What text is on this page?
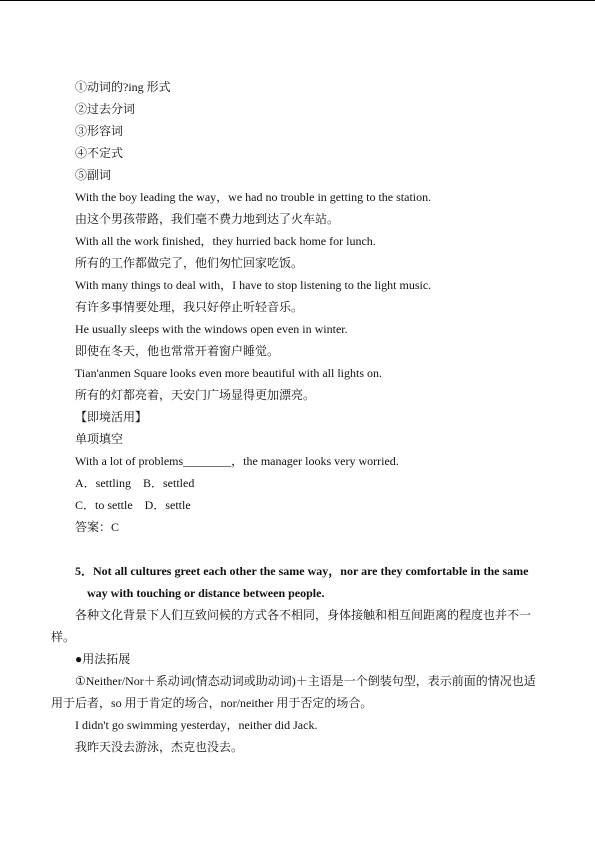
①动词的?ing 形式
②过去分词
③形容词
④不定式
⑤副词
With the boy leading the way，we had no trouble in getting to the station.
由这个男孩带路，我们毫不费力地到达了火车站。
With all the work finished，they hurried back home for lunch.
所有的工作都做完了，他们匆忙回家吃饭。
With many things to deal with，I have to stop listening to the light music.
有许多事情要处理，我只好停止听轻音乐。
He usually sleeps with the windows open even in winter.
即使在冬天，他也常常开着窗户睡觉。
Tian'anmen Square looks even more beautiful with all lights on.
所有的灯都亮着，天安门广场显得更加漂亮。
【即境活用】
单项填空
With a lot of problems________，the manager looks very worried.
A．settling　B．settled
C．to settle　D．settle
答案：C
5．Not all cultures greet each other the same way，nor are they comfortable in the same
way with touching or distance between people.
各种文化背景下人们互致问候的方式各不相同，身体接触和相互间距离的程度也并不一
样。
●用法拓展
①Neither/Nor＋系动词(情态动词或助动词)＋主语是一个倒装句型，表示前面的情况也适
用于后者，so 用于肯定的场合，nor/neither 用于否定的场合。
I didn't go swimming yesterday，neither did Jack.
我昨天没去游泳，杰克也没去。
